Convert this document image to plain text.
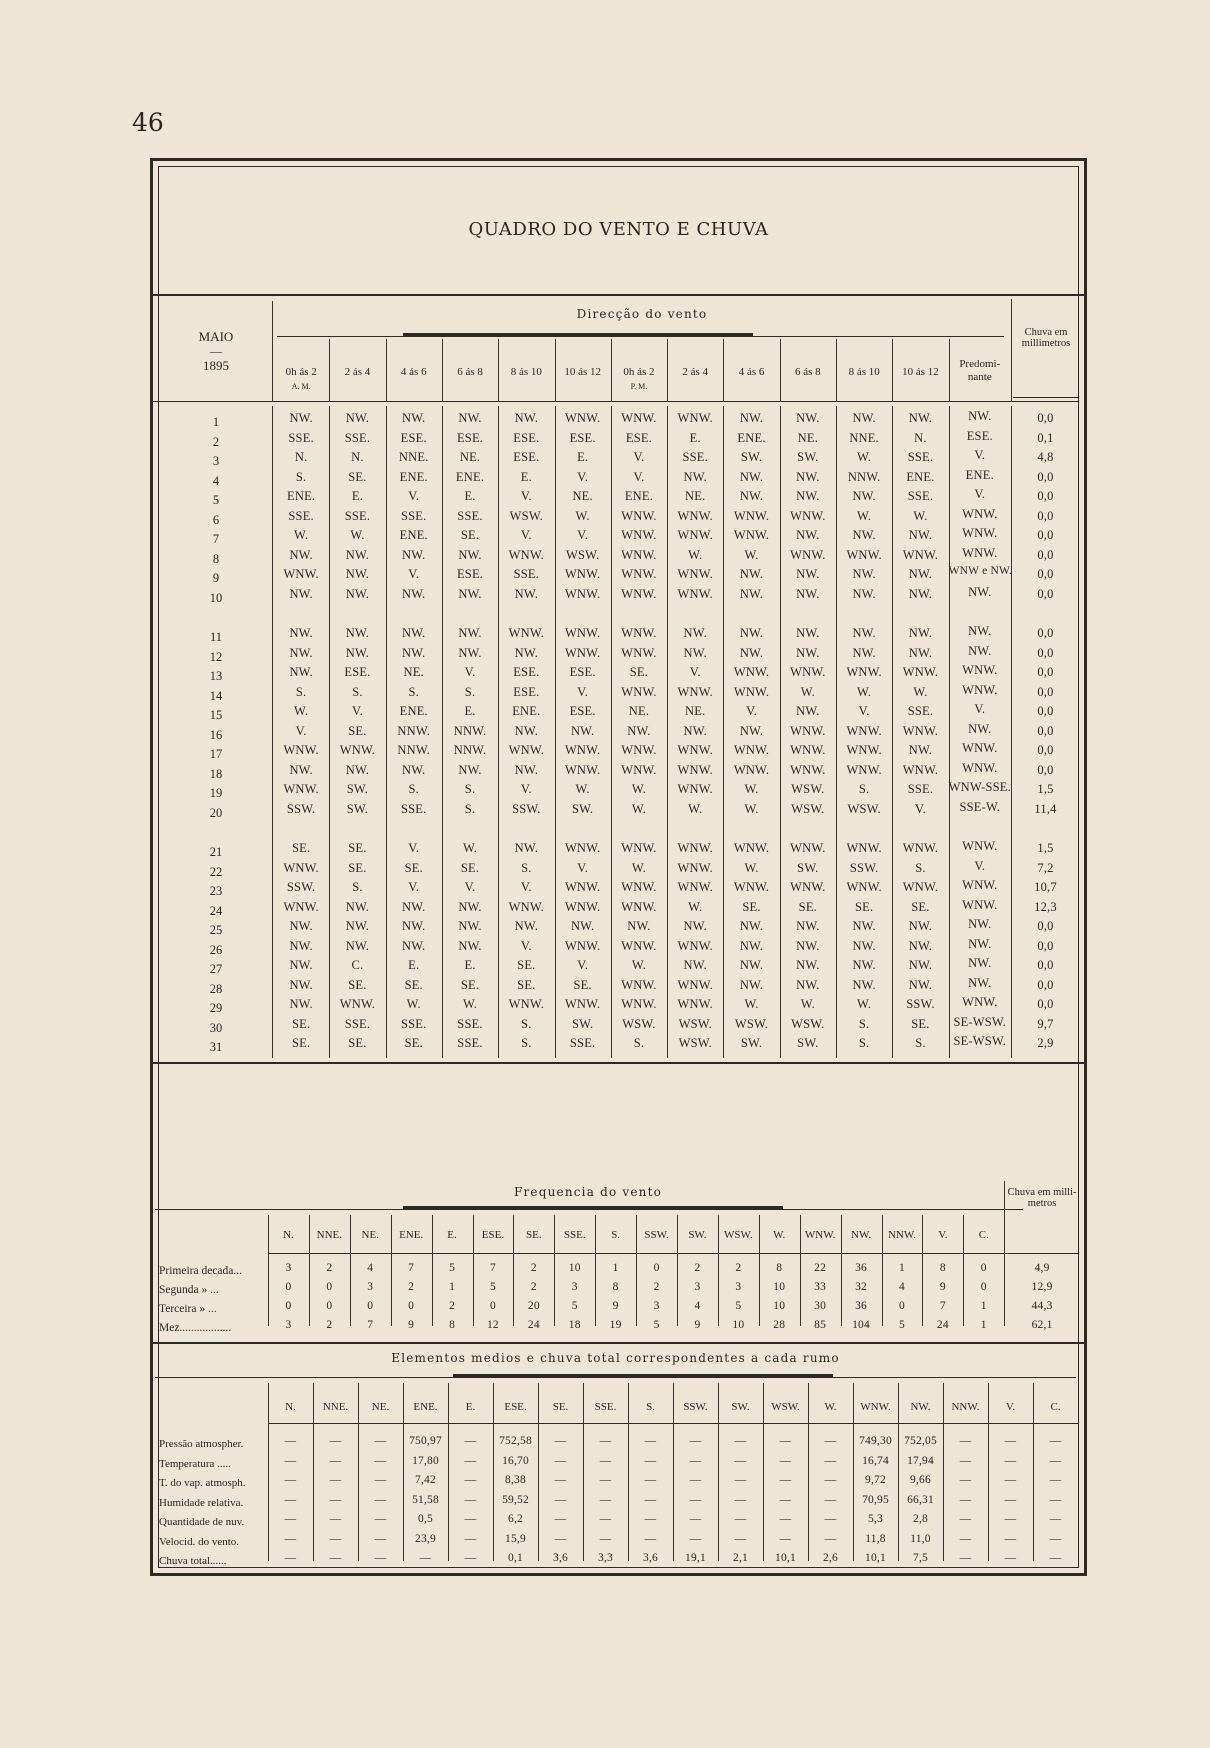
46
QUADRO DO VENTO E CHUVA
Direcção do vento
MAIO
—
1895	0h ás 2	2 ás 4	4 ás 6	6 ás 8	8 ás 10	10 ás 12	0h ás 2	2 ás 4	4 ás 6	6 ás 8	8 ás 10	10 ás 12
Predomi-nante
A. M.	P. M.
Chuva em millimetros
1	NW.	NW.	NW.	NW.	NW.	WNW.	WNW.	WNW.	NW.	NW.	NW.	NW.	NW.	0,0
2	SSE.	SSE.	ESE.	ESE.	ESE.	ESE.	ESE.	E.	ENE.	NE.	NNE.	N.	ESE.	0,1
3	N.	N.	NNE.	NE.	ESE.	E.	V.	SSE.	SW.	SW.	W.	SSE.	V.	4,8
4	S.	SE.	ENE.	ENE.	E.	V.	V.	NW.	NW.	NW.	NNW.	ENE.	ENE.	0,0
5	ENE.	E.	V.	E.	V.	NE.	ENE.	NE.	NW.	NW.	NW.	SSE.	V.	0,0
6	SSE.	SSE.	SSE.	SSE.	WSW.	W.	WNW.	WNW.	WNW.	WNW.	W.	W.	WNW.	0,0
7	W.	W.	ENE.	SE.	V.	V.	WNW.	WNW.	WNW.	NW.	NW.	NW.	WNW.	0,0
8	NW.	NW.	NW.	NW.	WNW.	WSW.	WNW.	W.	W.	WNW.	WNW.	WNW.	WNW.	0,0
9	WNW.	NW.	V.	ESE.	SSE.	WNW.	WNW.	WNW.	NW.	NW.	NW.	NW.	WNW e NW.	0,0
10	NW.	NW.	NW.	NW.	NW.	WNW.	WNW.	WNW.	NW.	NW.	NW.	NW.	NW.	0,0
11	NW.	NW.	NW.	NW.	WNW.	WNW.	WNW.	NW.	NW.	NW.	NW.	NW.	NW.	0,0
12	NW.	NW.	NW.	NW.	NW.	WNW.	WNW.	NW.	NW.	NW.	NW.	NW.	NW.	0,0
13	NW.	ESE.	NE.	V.	ESE.	ESE.	SE.	V.	WNW.	WNW.	WNW.	WNW.	WNW.	0,0
14	S.	S.	S.	S.	ESE.	V.	WNW.	WNW.	WNW.	W.	W.	W.	WNW.	0,0
15	W.	V.	ENE.	E.	ENE.	ESE.	NE.	NE.	V.	NW.	V.	SSE.	V.	0,0
16	V.	SE.	NNW.	NNW.	NW.	NW.	NW.	NW.	NW.	WNW.	WNW.	WNW.	NW.	0,0
17	WNW.	WNW.	NNW.	NNW.	WNW.	WNW.	WNW.	WNW.	WNW.	WNW.	WNW.	NW.	WNW.	0,0
18	NW.	NW.	NW.	NW.	NW.	WNW.	WNW.	WNW.	WNW.	WNW.	WNW.	WNW.	WNW.	0,0
19	WNW.	SW.	S.	S.	V.	W.	W.	WNW.	W.	WSW.	S.	SSE.	WNW-SSE.	1,5
20	SSW.	SW.	SSE.	S.	SSW.	SW.	W.	W.	W.	WSW.	WSW.	V.	SSE-W.	11,4
21	SE.	SE.	V.	W.	NW.	WNW.	WNW.	WNW.	WNW.	WNW.	WNW.	WNW.	WNW.	1,5
22	WNW.	SE.	SE.	SE.	S.	V.	W.	WNW.	W.	SW.	SSW.	S.	V.	7,2
23	SSW.	S.	V.	V.	V.	WNW.	WNW.	WNW.	WNW.	WNW.	WNW.	WNW.	WNW.	10,7
24	WNW.	NW.	NW.	NW.	WNW.	WNW.	WNW.	W.	SE.	SE.	SE.	SE.	WNW.	12,3
25	NW.	NW.	NW.	NW.	NW.	NW.	NW.	NW.	NW.	NW.	NW.	NW.	NW.	0,0
26	NW.	NW.	NW.	NW.	V.	WNW.	WNW.	WNW.	NW.	NW.	NW.	NW.	NW.	0,0
27	NW.	C.	E.	E.	SE.	V.	W.	NW.	NW.	NW.	NW.	NW.	NW.	0,0
28	NW.	SE.	SE.	SE.	SE.	SE.	WNW.	WNW.	NW.	NW.	NW.	NW.	NW.	0,0
29	NW.	WNW.	W.	W.	WNW.	WNW.	WNW.	WNW.	W.	W.	W.	SSW.	WNW.	0,0
30	SE.	SSE.	SSE.	SSE.	S.	SW.	WSW.	WSW.	WSW.	WSW.	S.	SE.	SE-WSW.	9,7
31	SE.	SE.	SE.	SSE.	S.	SSE.	S.	WSW.	SW.	SW.	S.	S.	SE-WSW.	2,9
Frequencia do vento	Chuva em milli-metros
N.	NNE.	NE.	ENE.	E.	ESE.	SE.	SSE.	S.	SSW.	SW.	WSW.	W.	WNW.	NW.	NNW.	V.	C.
Primeira decada...	3	2	4	7	5	7	2	10	1	0	2	2	8	22	36	1	8	0	4,9
Segunda » ...	0	0	3	2	1	5	2	3	8	2	3	3	10	33	32	4	9	0	12,9
Terceira » ...	0	0	0	0	2	0	20	5	9	3	4	5	10	30	36	0	7	1	44,3
Mez..................	3	2	7	9	8	12	24	18	19	5	9	10	28	85	104	5	24	1	62,1
Elementos medios e chuva total correspondentes a cada rumo
N.	NNE.	NE.	ENE.	E.	ESE.	SE.	SSE.	S.	SSW.	SW.	WSW.	W.	WNW.	NW.	NNW.	V.	C.
Pressão atmospher.	—	—	—	750,97	—	752,58	—	—	—	—	—	—	—	749,30	752,05	—	—	—
Temperatura .....	—	—	—	17,80	—	16,70	—	—	—	—	—	—	—	16,74	17,94	—	—	—
T. do vap. atmosph.	—	—	—	7,42	—	8,38	—	—	—	—	—	—	—	9,72	9,66	—	—	—
Humidade relativa.	—	—	—	51,58	—	59,52	—	—	—	—	—	—	—	70,95	66,31	—	—	—
Quantidade de nuv.	—	—	—	0,5	—	6,2	—	—	—	—	—	—	—	5,3	2,8	—	—	—
Velocid. do vento.	—	—	—	23,9	—	15,9	—	—	—	—	—	—	—	11,8	11,0	—	—	—
Chuva total......	—	—	—	—	—	0,1	3,6	3,3	3,6	19,1	2,1	10,1	2,6	10,1	7,5	—	—	—
